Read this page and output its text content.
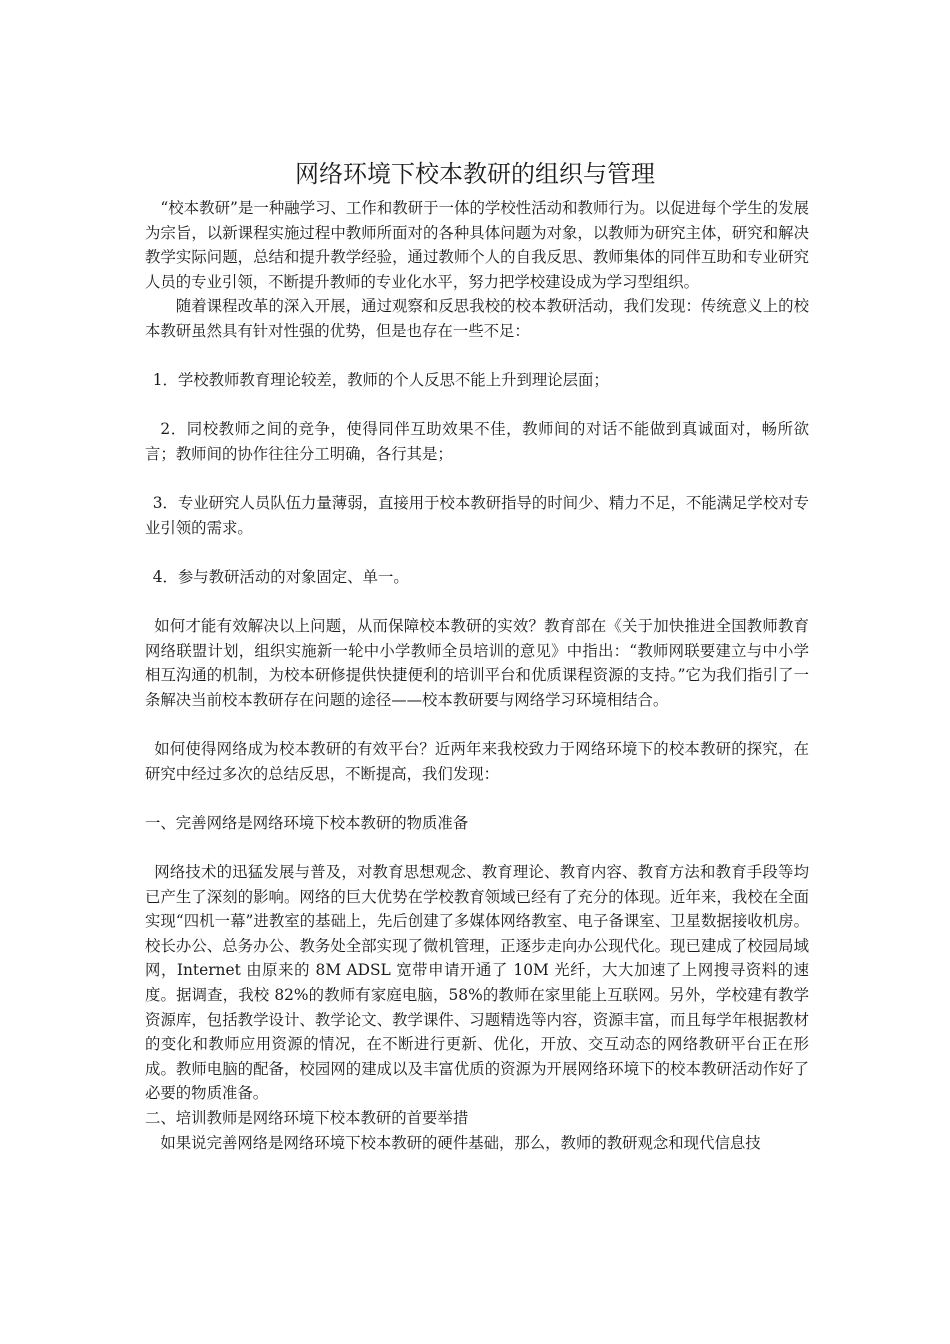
网络环境下校本教研的组织与管理

“校本教研”是一种融学习、工作和教研于一体的学校性活动和教师行为。以促进每个学生的发展为宗旨，以新课程实施过程中教师所面对的各种具体问题为对象，以教师为研究主体，研究和解决教学实际问题，总结和提升教学经验，通过教师个人的自我反思、教师集体的同伴互助和专业研究人员的专业引领，不断提升教师的专业化水平，努力把学校建设成为学习型组织。

随着课程改革的深入开展，通过观察和反思我校的校本教研活动，我们发现：传统意义上的校本教研虽然具有针对性强的优势，但是也存在一些不足：

1．学校教师教育理论较差，教师的个人反思不能上升到理论层面；

2．同校教师之间的竞争，使得同伴互助效果不佳，教师间的对话不能做到真诚面对，畅所欲言；教师间的协作往往分工明确，各行其是；

3．专业研究人员队伍力量薄弱，直接用于校本教研指导的时间少、精力不足，不能满足学校对专业引领的需求。

4．参与教研活动的对象固定、单一。

如何才能有效解决以上问题，从而保障校本教研的实效？教育部在《关于加快推进全国教师教育网络联盟计划，组织实施新一轮中小学教师全员培训的意见》中指出：“教师网联要建立与中小学相互沟通的机制，为校本研修提供快捷便利的培训平台和优质课程资源的支持。”它为我们指引了一条解决当前校本教研存在问题的途径——校本教研要与网络学习环境相结合。

如何使得网络成为校本教研的有效平台？近两年来我校致力于网络环境下的校本教研的探究，在研究中经过多次的总结反思，不断提高，我们发现：

一、完善网络是网络环境下校本教研的物质准备

网络技术的迅猛发展与普及，对教育思想观念、教育理论、教育内容、教育方法和教育手段等均已产生了深刻的影响。网络的巨大优势在学校教育领域已经有了充分的体现。近年来，我校在全面实现“四机一幕”进教室的基础上，先后创建了多媒体网络教室、电子备课室、卫星数据接收机房。校长办公、总务办公、教务处全部实现了微机管理，正逐步走向办公现代化。现已建成了校园局域网，Internet 由原来的 8M ADSL 宽带申请开通了 10M 光纤，大大加速了上网搜寻资料的速度。据调查，我校 82%的教师有家庭电脑，58%的教师在家里能上互联网。另外，学校建有教学资源库，包括教学设计、教学论文、教学课件、习题精选等内容，资源丰富，而且每学年根据教材的变化和教师应用资源的情况，在不断进行更新、优化，开放、交互动态的网络教研平台正在形成。教师电脑的配备，校园网的建成以及丰富优质的资源为开展网络环境下的校本教研活动作好了必要的物质准备。

二、培训教师是网络环境下校本教研的首要举措

如果说完善网络是网络环境下校本教研的硬件基础，那么，教师的教研观念和现代信息技
